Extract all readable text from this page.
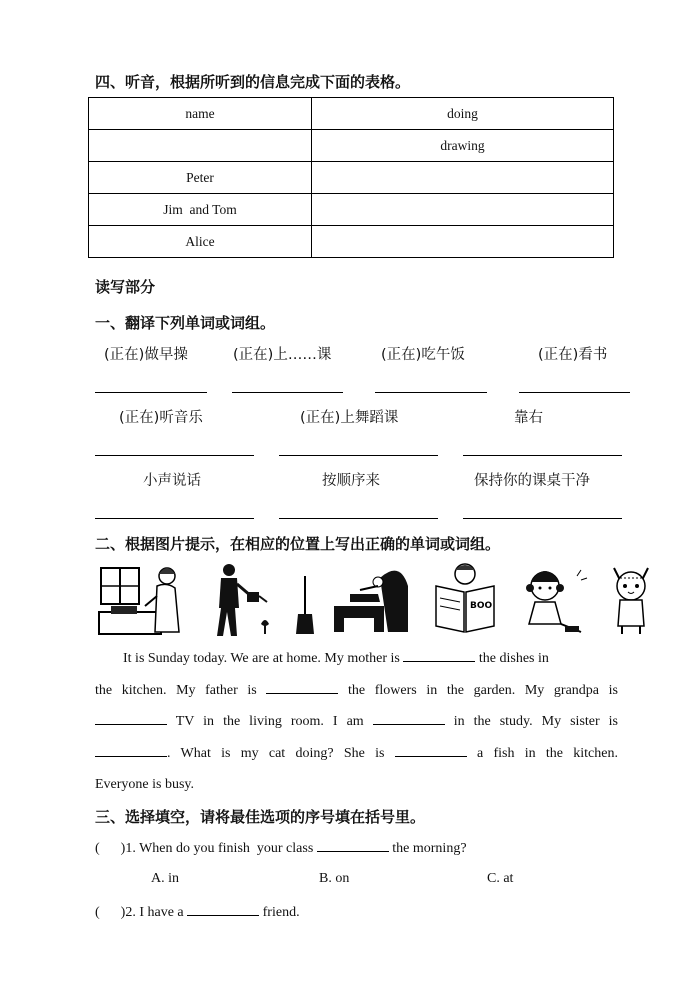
四、听音，根据所听到的信息完成下面的表格。
name	doing
	drawing
Peter	
Jim  and Tom	
Alice	
读写部分
一、翻译下列单词或词组。
(正在)做早操	(正在)上……课	(正在)吃午饭	(正在)看书
(正在)听音乐	(正在)上舞蹈课	靠右
小声说话	按顺序来	保持你的课桌干净
二、根据图片提示，在相应的位置上写出正确的单词或词组。
BOO
It is Sunday today. We are at home. My mother is	the dishes in
the kitchen. My father is	the flowers in the garden. My grandpa is
TV in the living room. I am	in the study. My sister is
. What is my cat doing? She is	a fish in the kitchen.
Everyone is busy.
三、选择填空，请将最佳选项的序号填在括号里。
(      )1. When do you finish  your class	the morning?
A. in	B. on	C. at
(      )2. I have a	friend.
